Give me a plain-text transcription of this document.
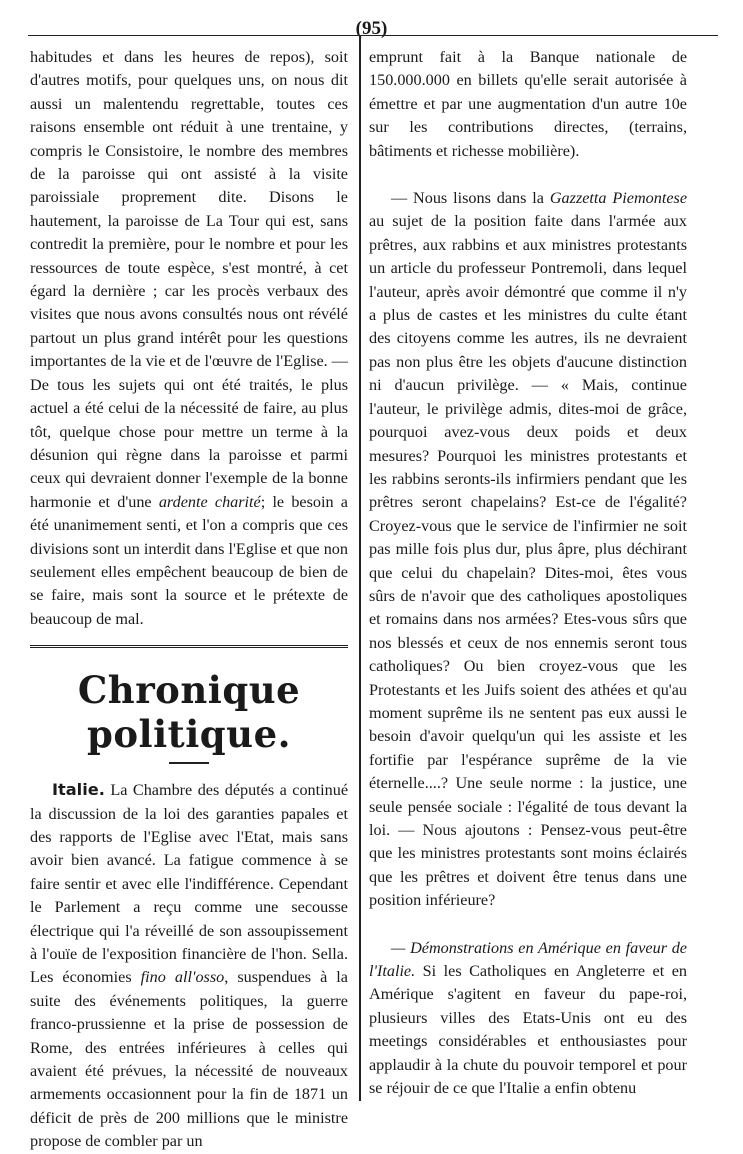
(95)

habitudes et dans les heures de repos), soit d'autres motifs, pour quelques uns, on nous dit aussi un malentendu regrettable, toutes ces raisons ensemble ont réduit à une trentaine, y compris le Consistoire, le nombre des membres de la paroisse qui ont assisté à la visite paroissiale proprement dite. Disons le hautement, la paroisse de La Tour qui est, sans contredit la première, pour le nombre et pour les ressources de toute espèce, s'est montré, à cet égard la dernière ; car les procès verbaux des visites que nous avons consultés nous ont révélé partout un plus grand intérêt pour les questions importantes de la vie et de l'œuvre de l'Eglise. — De tous les sujets qui ont été traités, le plus actuel a été celui de la nécessité de faire, au plus tôt, quelque chose pour mettre un terme à la désunion qui règne dans la paroisse et parmi ceux qui devraient donner l'exemple de la bonne harmonie et d'une ardente charité; le besoin a été unanimement senti, et l'on a compris que ces divisions sont un interdit dans l'Eglise et que non seulement elles empêchent beaucoup de bien de se faire, mais sont la source et le prétexte de beaucoup de mal.

Chronique politique.

Italie. La Chambre des députés a continué la discussion de la loi des garanties papales et des rapports de l'Eglise avec l'Etat, mais sans avoir bien avancé. La fatigue commence à se faire sentir et avec elle l'indifférence. Cependant le Parlement a reçu comme une secousse électrique qui l'a réveillé de son assoupissement à l'ouïe de l'exposition financière de l'hon. Sella. Les économies fino all'osso, suspendues à la suite des événements politiques, la guerre franco-prussienne et la prise de possession de Rome, des entrées inférieures à celles qui avaient été prévues, la nécessité de nouveaux armements occasionnent pour la fin de 1871 un déficit de près de 200 millions que le ministre propose de combler par un

emprunt fait à la Banque nationale de 150.000.000 en billets qu'elle serait autorisée à émettre et par une augmentation d'un autre 10e sur les contributions directes, (terrains, bâtiments et richesse mobilière).

— Nous lisons dans la Gazzetta Piemontese au sujet de la position faite dans l'armée aux prêtres, aux rabbins et aux ministres protestants un article du professeur Pontremoli, dans lequel l'auteur, après avoir démontré que comme il n'y a plus de castes et les ministres du culte étant des citoyens comme les autres, ils ne devraient pas non plus être les objets d'aucune distinction ni d'aucun privilège. — « Mais, continue l'auteur, le privilège admis, dites-moi de grâce, pourquoi avez-vous deux poids et deux mesures? Pourquoi les ministres protestants et les rabbins seronts-ils infirmiers pendant que les prêtres seront chapelains? Est-ce de l'égalité? Croyez-vous que le service de l'infirmier ne soit pas mille fois plus dur, plus âpre, plus déchirant que celui du chapelain? Dites-moi, êtes vous sûrs de n'avoir que des catholiques apostoliques et romains dans nos armées? Etes-vous sûrs que nos blessés et ceux de nos ennemis seront tous catholiques? Ou bien croyez-vous que les Protestants et les Juifs soient des athées et qu'au moment suprême ils ne sentent pas eux aussi le besoin d'avoir quelqu'un qui les assiste et les fortifie par l'espérance suprême de la vie éternelle....? Une seule norme : la justice, une seule pensée sociale : l'égalité de tous devant la loi. — Nous ajoutons : Pensez-vous peut-être que les ministres protestants sont moins éclairés que les prêtres et doivent être tenus dans une position inférieure?

— Démonstrations en Amérique en faveur de l'Italie. Si les Catholiques en Angleterre et en Amérique s'agitent en faveur du pape-roi, plusieurs villes des Etats-Unis ont eu des meetings considérables et enthousiastes pour applaudir à la chute du pouvoir temporel et pour se réjouir de ce que l'Italie a enfin obtenu
